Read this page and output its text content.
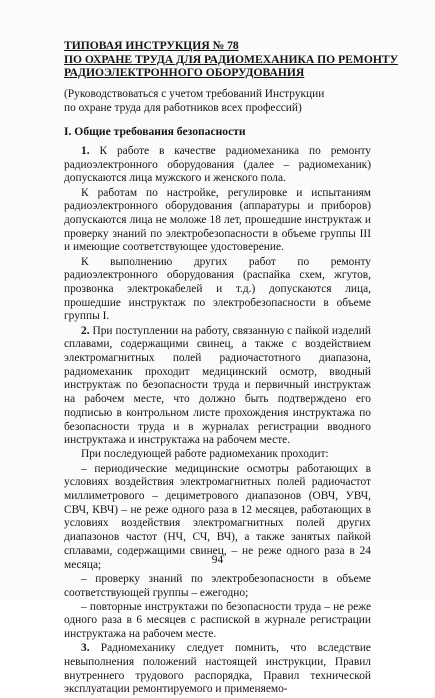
ТИПОВАЯ ИНСТРУКЦИЯ № 78
ПО ОХРАНЕ ТРУДА ДЛЯ РАДИОМЕХАНИКА ПО РЕМОНТУ
РАДИОЭЛЕКТРОННОГО ОБОРУДОВАНИЯ
(Руководствоваться с учетом требований Инструкции
по охране труда для работников всех профессий)
I. Общие требования безопасности

1. К работе в качестве радиомеханика по ремонту радиоэлектронного оборудования (далее – радиомеханик) допускаются лица мужского и женского пола.

К работам по настройке, регулировке и испытаниям радиоэлектронного оборудования (аппаратуры и приборов) допускаются лица не моложе 18 лет, прошедшие инструктаж и проверку знаний по электробезопасности в объеме группы III и имеющие соответствующее удостоверение.

К выполнению других работ по ремонту радиоэлектронного оборудования (распайка схем, жгутов, прозвонка электрокабелей и т.д.) допускаются лица, прошедшие инструктаж по электробезопасности в объеме группы I.

2. При поступлении на работу, связанную с пайкой изделий сплавами, содержащими свинец, а также с воздействием электромагнитных полей радиочастотного диапазона, радиомеханик проходит медицинский осмотр, вводный инструктаж по безопасности труда и первичный инструктаж на рабочем месте, что должно быть подтверждено его подписью в контрольном листе прохождения инструктажа по безопасности труда и в журналах регистрации вводного инструктажа и инструктажа на рабочем месте.

При последующей работе радиомеханик проходит:

– периодические медицинские осмотры работающих в условиях воздействия электромагнитных полей радиочастот миллиметрового – дециметрового диапазонов (ОВЧ, УВЧ, СВЧ, КВЧ) – не реже одного раза в 12 месяцев, работающих в условиях воздействия электромагнитных полей других диапазонов частот (НЧ, СЧ, ВЧ), а также занятых пайкой сплавами, содержащими свинец, – не реже одного раза в 24 месяца;

– проверку знаний по электробезопасности в объеме соответствующей группы – ежегодно;

– повторные инструктажи по безопасности труда – не реже одного раза в 6 месяцев с распиской в журнале регистрации инструктажа на рабочем месте.

3. Радиомеханику следует помнить, что вследствие невыполнения положений настоящей инструкции, Правил внутреннего трудового распорядка, Правил технической эксплуатации ремонтируемого и применяемо-

94
